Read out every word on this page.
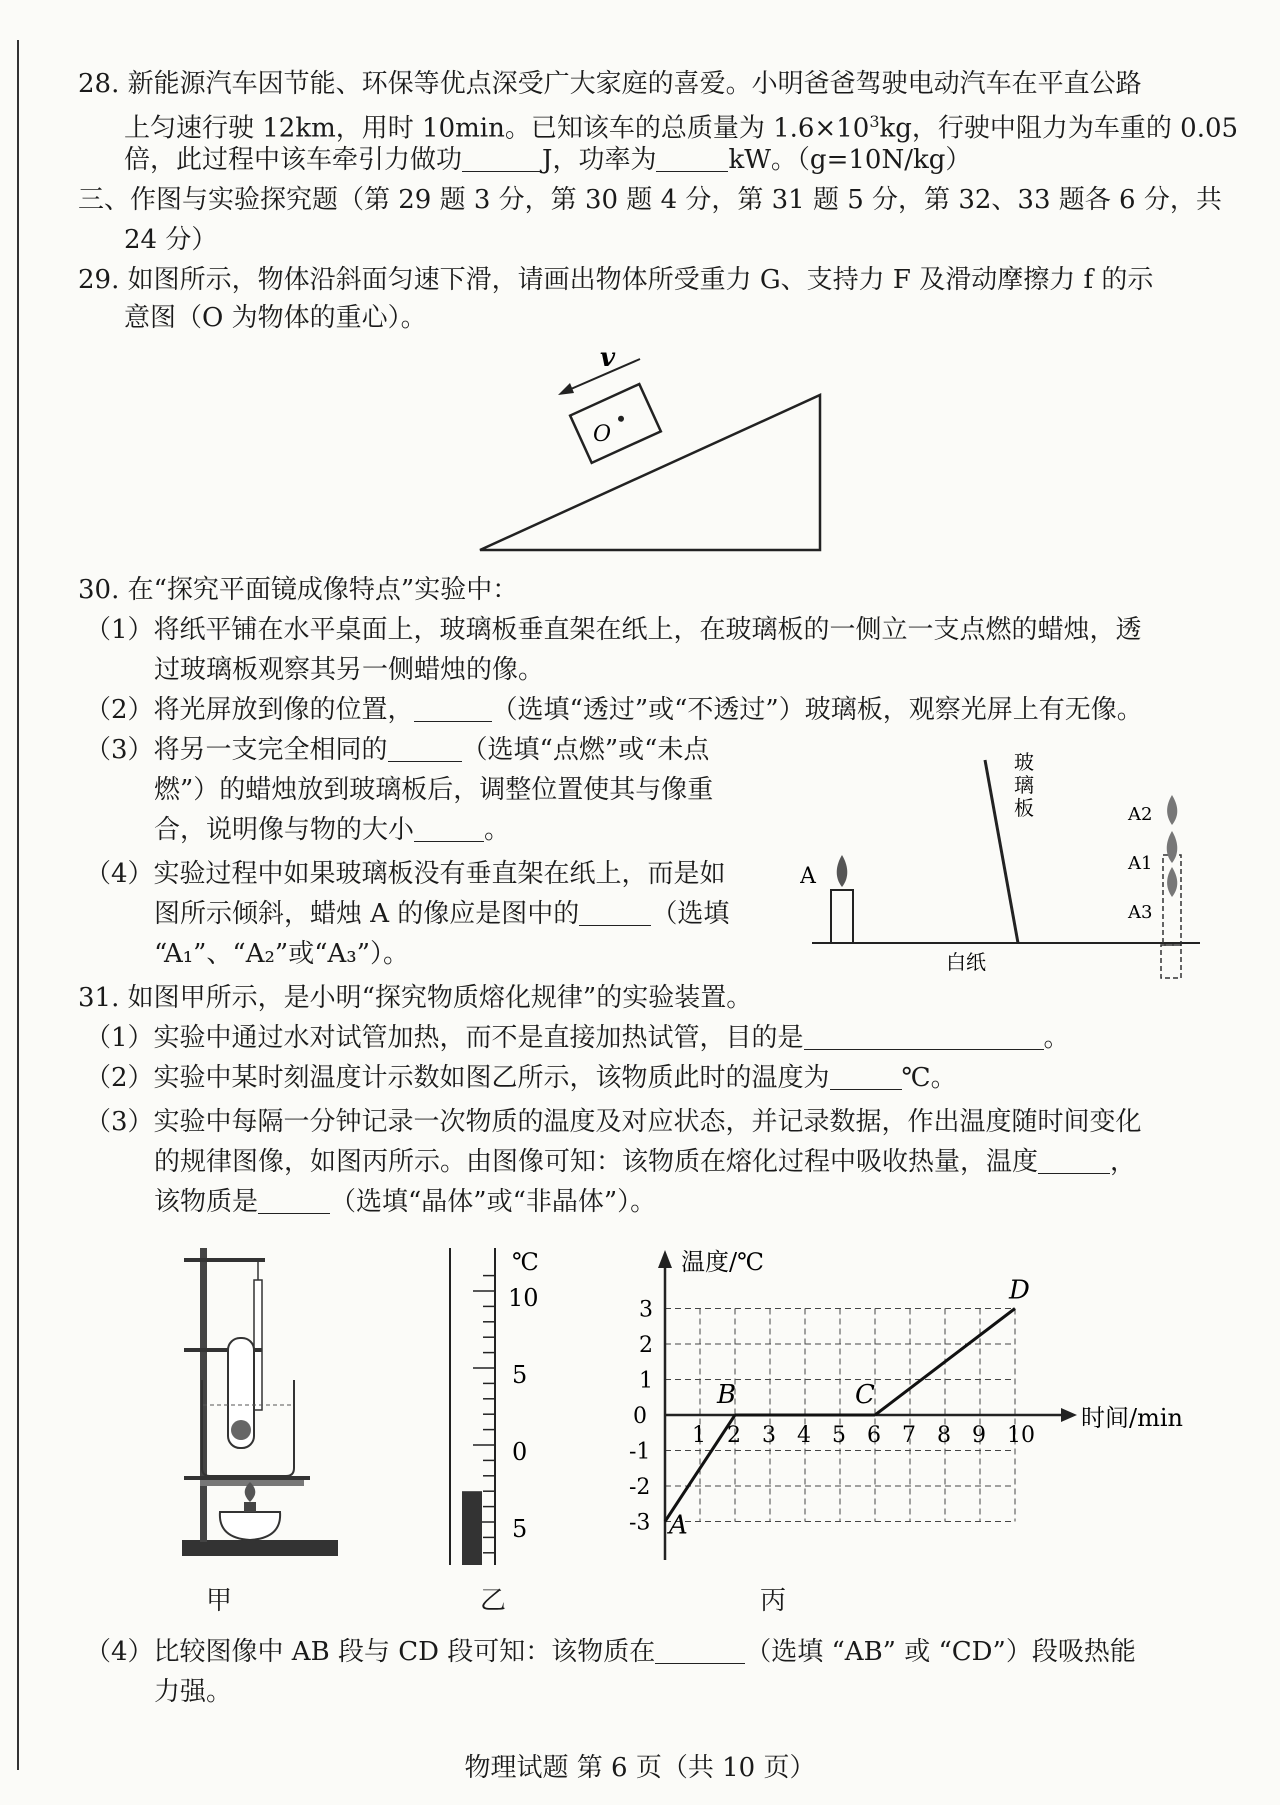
28. 新能源汽车因节能、环保等优点深受广大家庭的喜爱。小明爸爸驾驶电动汽车在平直公路
上匀速行驶 12km，用时 10min。已知该车的总质量为 $1.6\times 10^3kg$，行驶中阻力为车重的 0.05
倍，此过程中该车牵引力做功	J，功率为	kW。（g=10N/kg）
三、作图与实验探究题（第 29 题 3 分，第 30 题 4 分，第 31 题 5 分，第 32、33 题各 6 分，共
24 分）
29. 如图所示，物体沿斜面匀速下滑，请画出物体所受重力 G、支持力 F 及滑动摩擦力 f 的示
意图（O 为物体的重心）。
O
v
30. 在“探究平面镜成像特点”实验中：
（1）将纸平铺在水平桌面上，玻璃板垂直架在纸上，在玻璃板的一侧立一支点燃的蜡烛，透
过玻璃板观察其另一侧蜡烛的像。
（2）将光屏放到像的位置，	（选填“透过”或“不透过”）玻璃板，观察光屏上有无像。
（3）将另一支完全相同的	（选填“点燃”或“未点
燃”）的蜡烛放到玻璃板后，调整位置使其与像重
合，说明像与物的大小	。
（4）实验过程中如果玻璃板没有垂直架在纸上，而是如
图所示倾斜，蜡烛 A 的像应是图中的	（选填
“A₁”、“A₂”或“A₃”）。
A
玻
璃
板	A2
A1
A3
白纸
31. 如图甲所示，是小明“探究物质熔化规律”的实验装置。
（1）实验中通过水对试管加热，而不是直接加热试管，目的是	。
（2）实验中某时刻温度计示数如图乙所示，该物质此时的温度为	℃。
（3）实验中每隔一分钟记录一次物质的温度及对应状态，并记录数据，作出温度随时间变化
的规律图像，如图丙所示。由图像可知：该物质在熔化过程中吸收热量，温度	，
该物质是	（选填“晶体”或“非晶体”）。
甲
℃
10
5
0
5
乙
温度/℃
时间/min
0
1 2 3 4 5 6 7 8 9 10
-3
-2
-1
1
2
3
A
B	C
D
丙
（4）比较图像中 AB 段与 CD 段可知：该物质在	（选填 “AB” 或 “CD”）段吸热能
力强。
物理试题 第 6 页（共 10 页）
